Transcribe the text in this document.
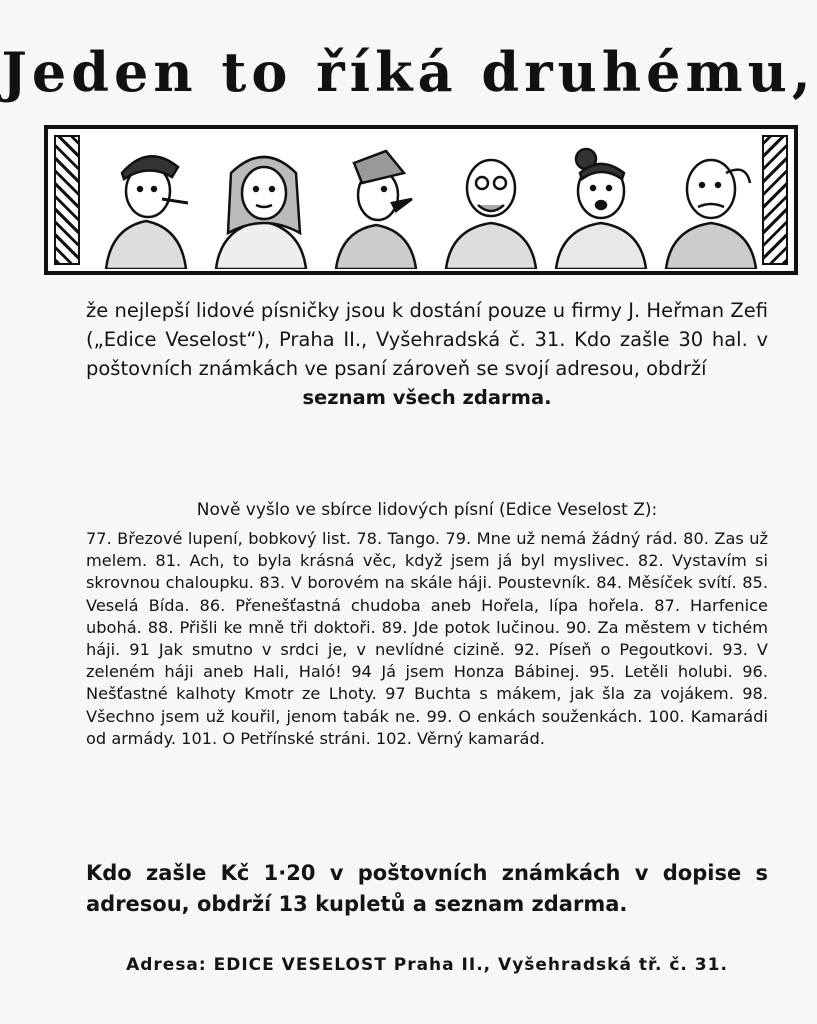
Jeden to říká druhému,
že nejlepší lidové písničky jsou k dostání pouze u firmy J. Heřman Zefi („Edice Veselost“), Praha II., Vyšehradská č. 31. Kdo zašle 30 hal. v poštovních známkách ve psaní zároveň se svojí adresou, obdrží
seznam všech zdarma.
Nově vyšlo ve sbírce lidových písní (Edice Veselost Z):
77. Březové lupení, bobkový list. 78. Tango. 79. Mne už nemá žádný rád. 80. Zas už melem. 81. Ach, to byla krásná věc, když jsem já byl myslivec. 82. Vystavím si skrovnou chaloupku. 83. V borovém na skále háji. Poustevník. 84. Měsíček svítí. 85. Veselá Bída. 86. Přenešťastná chudoba aneb Hořela, lípa hořela. 87. Harfenice ubohá. 88. Přišli ke mně tři doktoři. 89. Jde potok lučinou. 90. Za městem v tichém háji. 91 Jak smutno v srdci je, v nevlídné cizině. 92. Píseň o Pegoutkovi. 93. V zeleném háji aneb Hali, Haló! 94 Já jsem Honza Bábinej. 95. Letěli holubi. 96. Nešťastné kalhoty Kmotr ze Lhoty. 97 Buchta s mákem, jak šla za vojákem. 98. Všechno jsem už kouřil, jenom tabák ne. 99. O enkách souženkách. 100. Kamarádi od armády. 101. O Petřínské stráni. 102. Věrný kamarád.
Kdo zašle Kč 1·20 v poštovních známkách v dopise s adresou, obdrží 13 kupletů a seznam zdarma.
Adresa: EDICE VESELOST Praha II., Vyšehradská tř. č. 31.
